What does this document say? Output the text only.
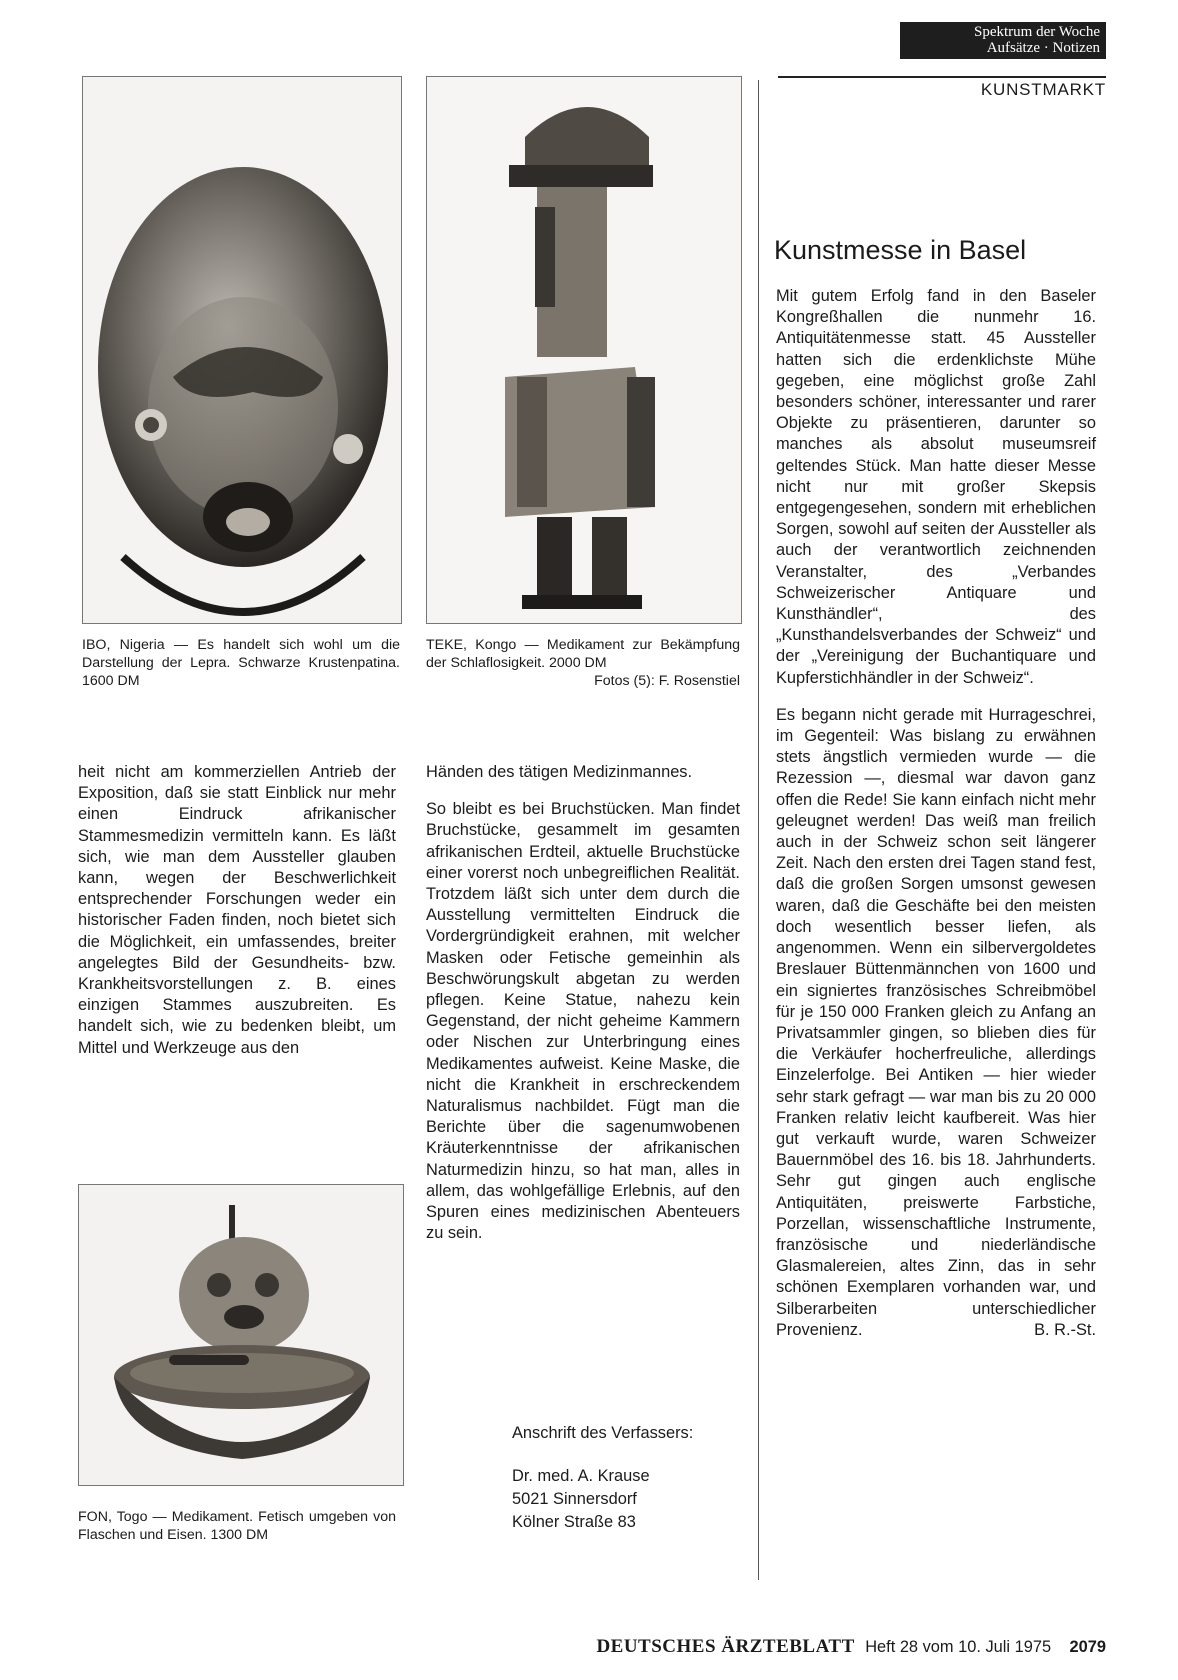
Spektrum der Woche
Aufsätze · Notizen
KUNSTMARKT
IBO, Nigeria — Es handelt sich wohl um die Darstellung der Lepra. Schwarze Krustenpatina. 1600 DM
TEKE, Kongo — Medikament zur Bekämpfung der Schlaflosigkeit. 2000 DM
Fotos (5): F. Rosenstiel

heit nicht am kommerziellen Antrieb der Exposition, daß sie statt Einblick nur mehr einen Eindruck afrikanischer Stammesmedizin vermitteln kann. Es läßt sich, wie man dem Aussteller glauben kann, wegen der Beschwerlichkeit entsprechender Forschungen weder ein historischer Faden finden, noch bietet sich die Möglichkeit, ein umfassendes, breiter angelegtes Bild der Gesundheits- bzw. Krankheitsvorstellungen z. B. eines einzigen Stammes auszubreiten. Es handelt sich, wie zu bedenken bleibt, um Mittel und Werkzeuge aus den

FON, Togo — Medikament. Fetisch umgeben von Flaschen und Eisen. 1300 DM

Händen des tätigen Medizinmannes.

So bleibt es bei Bruchstücken. Man findet Bruchstücke, gesammelt im gesamten afrikanischen Erdteil, aktuelle Bruchstücke einer vorerst noch unbegreiflichen Realität. Trotzdem läßt sich unter dem durch die Ausstellung vermittelten Eindruck die Vordergründigkeit erahnen, mit welcher Masken oder Fetische gemeinhin als Beschwörungskult abgetan zu werden pflegen. Keine Statue, nahezu kein Gegenstand, der nicht geheime Kammern oder Nischen zur Unterbringung eines Medikamentes aufweist. Keine Maske, die nicht die Krankheit in erschreckendem Naturalismus nachbildet. Fügt man die Berichte über die sagenumwobenen Kräuterkenntnisse der afrikanischen Naturmedizin hinzu, so hat man, alles in allem, das wohlgefällige Erlebnis, auf den Spuren eines medizinischen Abenteuers zu sein.

Anschrift des Verfassers:
Dr. med. A. Krause
5021 Sinnersdorf
Kölner Straße 83
Kunstmesse in Basel

Mit gutem Erfolg fand in den Baseler Kongreßhallen die nunmehr 16. Antiquitätenmesse statt. 45 Aussteller hatten sich die erdenklichste Mühe gegeben, eine möglichst große Zahl besonders schöner, interessanter und rarer Objekte zu präsentieren, darunter so manches als absolut museumsreif geltendes Stück. Man hatte dieser Messe nicht nur mit großer Skepsis entgegengesehen, sondern mit erheblichen Sorgen, sowohl auf seiten der Aussteller als auch der verantwortlich zeichnenden Veranstalter, des „Verbandes Schweizerischer Antiquare und Kunsthändler“, des „Kunsthandelsverbandes der Schweiz“ und der „Vereinigung der Buchantiquare und Kupferstichhändler in der Schweiz“.

Es begann nicht gerade mit Hurrageschrei, im Gegenteil: Was bislang zu erwähnen stets ängstlich vermieden wurde — die Rezession —, diesmal war davon ganz offen die Rede! Sie kann einfach nicht mehr geleugnet werden! Das weiß man freilich auch in der Schweiz schon seit längerer Zeit. Nach den ersten drei Tagen stand fest, daß die großen Sorgen umsonst gewesen waren, daß die Geschäfte bei den meisten doch wesentlich besser liefen, als angenommen. Wenn ein silbervergoldetes Breslauer Büttenmännchen von 1600 und ein signiertes französisches Schreibmöbel für je 150 000 Franken gleich zu Anfang an Privatsammler gingen, so blieben dies für die Verkäufer hocherfreuliche, allerdings Einzelerfolge. Bei Antiken — hier wieder sehr stark gefragt — war man bis zu 20 000 Franken relativ leicht kaufbereit. Was hier gut verkauft wurde, waren Schweizer Bauernmöbel des 16. bis 18. Jahrhunderts. Sehr gut gingen auch englische Antiquitäten, preiswerte Farbstiche, Porzellan, wissenschaftliche Instrumente, französische und niederländische Glasmalereien, altes Zinn, das in sehr schönen Exemplaren vorhanden war, und Silberarbeiten unterschiedlicher Provenienz.	B. R.-St.

DEUTSCHES ÄRZTEBLATT Heft 28 vom 10. Juli 1975 2079
